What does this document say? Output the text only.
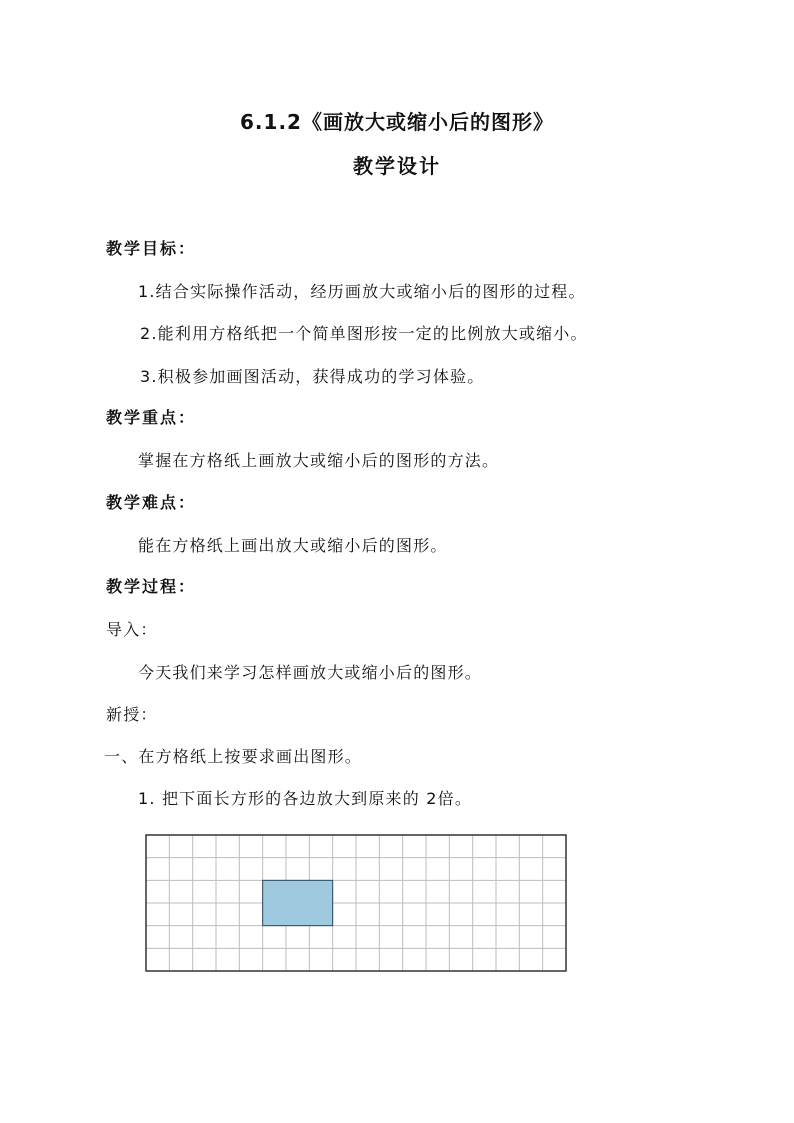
6.1.2《画放大或缩小后的图形》
教学设计
教学目标：
1.结合实际操作活动，经历画放大或缩小后的图形的过程。
2.能利用方格纸把一个简单图形按一定的比例放大或缩小。
3.积极参加画图活动，获得成功的学习体验。
教学重点：
掌握在方格纸上画放大或缩小后的图形的方法。
教学难点：
能在方格纸上画出放大或缩小后的图形。
教学过程：
导入：
今天我们来学习怎样画放大或缩小后的图形。
新授：
一、在方格纸上按要求画出图形。
1. 把下面长方形的各边放大到原来的 2倍。
